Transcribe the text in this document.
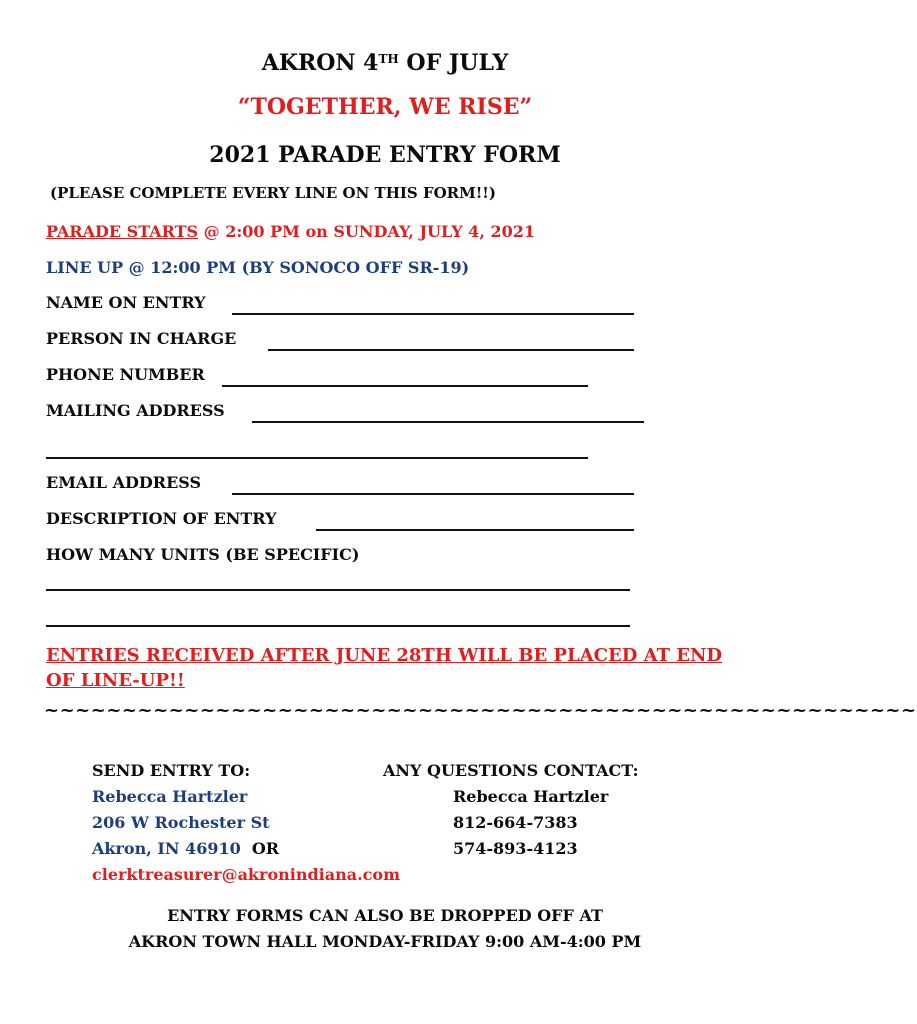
AKRON 4TH OF JULY
“TOGETHER, WE RISE”
2021 PARADE ENTRY FORM
(PLEASE COMPLETE EVERY LINE ON THIS FORM!!)
PARADE STARTS @ 2:00 PM on SUNDAY, JULY 4, 2021
LINE UP @ 12:00 PM (BY SONOCO OFF SR-19)
NAME ON ENTRY
PERSON IN CHARGE
PHONE NUMBER
MAILING ADDRESS
EMAIL ADDRESS
DESCRIPTION OF ENTRY
HOW MANY UNITS (BE SPECIFIC)
ENTRIES RECEIVED AFTER JUNE 28TH WILL BE PLACED AT END OF LINE-UP!!
~~~~~~~~~~~~~~~~~~~~~~~~~~~~~~~~~~~~~~~~~~~~~~~~~~~~~~~~
SEND ENTRY TO:
Rebecca Hartzler
206 W Rochester St
Akron, IN 46910 OR
clerktreasurer@akronindiana.com
ANY QUESTIONS CONTACT:
Rebecca Hartzler
812-664-7383
574-893-4123
ENTRY FORMS CAN ALSO BE DROPPED OFF AT
AKRON TOWN HALL MONDAY-FRIDAY 9:00 AM-4:00 PM
